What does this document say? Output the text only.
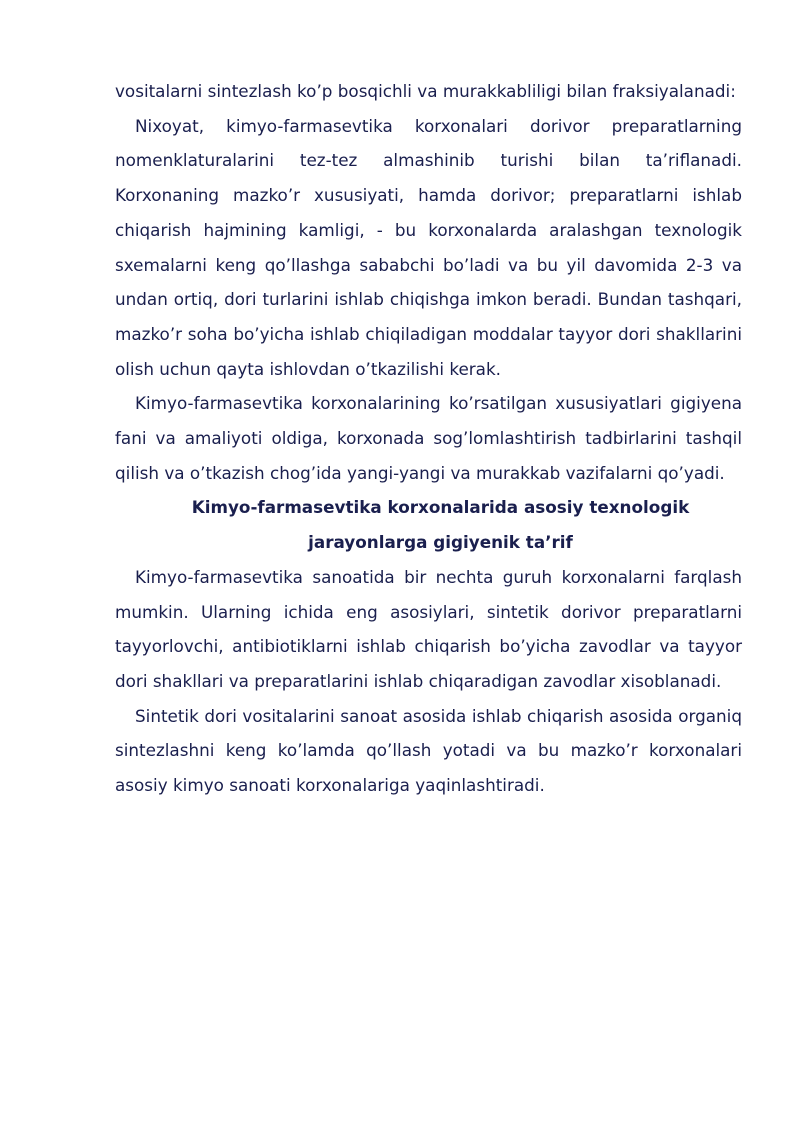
vositalarni sintezlash ko’p bosqichli va murakkabliligi bilan fraksiyalanadi:

Nixoyat, kimyo-farmasevtika korxonalari dorivor preparatlarning nomenklaturalarini tez-tez almashinib turishi bilan ta’riflanadi. Korxonaning mazko’r xususiyati, hamda dorivor; preparatlarni ishlab chiqarish hajmining kamligi, - bu korxonalarda aralashgan texnologik sxemalarni keng qo’llashga sababchi bo’ladi va bu yil davomida 2-3 va undan ortiq, dori turlarini ishlab chiqishga imkon beradi. Bundan tashqari, mazko’r soha bo’yicha ishlab chiqiladigan moddalar tayyor dori shakllarini olish uchun qayta ishlovdan o’tkazilishi kerak.

Kimyo-farmasevtika korxonalarining ko’rsatilgan xususiyatlari gigiyena fani va amaliyoti oldiga, korxonada sog’lomlashtirish tadbirlarini tashqil qilish va o’tkazish chog’ida yangi-yangi va murakkab vazifalarni qo’yadi.

Kimyo-farmasevtika korxonalarida asosiy texnologik
jarayonlarga gigiyenik ta’rif

Kimyo-farmasevtika sanoatida bir nechta guruh korxonalarni farqlash mumkin. Ularning ichida eng asosiylari, sintetik dorivor preparatlarni tayyorlovchi, antibiotiklarni ishlab chiqarish bo’yicha zavodlar va tayyor dori shakllari va preparatlarini ishlab chiqaradigan zavodlar xisoblanadi.

Sintetik dori vositalarini sanoat asosida ishlab chiqarish asosida organiq sintezlashni keng ko’lamda qo’llash yotadi va bu mazko’r korxonalari asosiy kimyo sanoati korxonalariga yaqinlashtiradi.
